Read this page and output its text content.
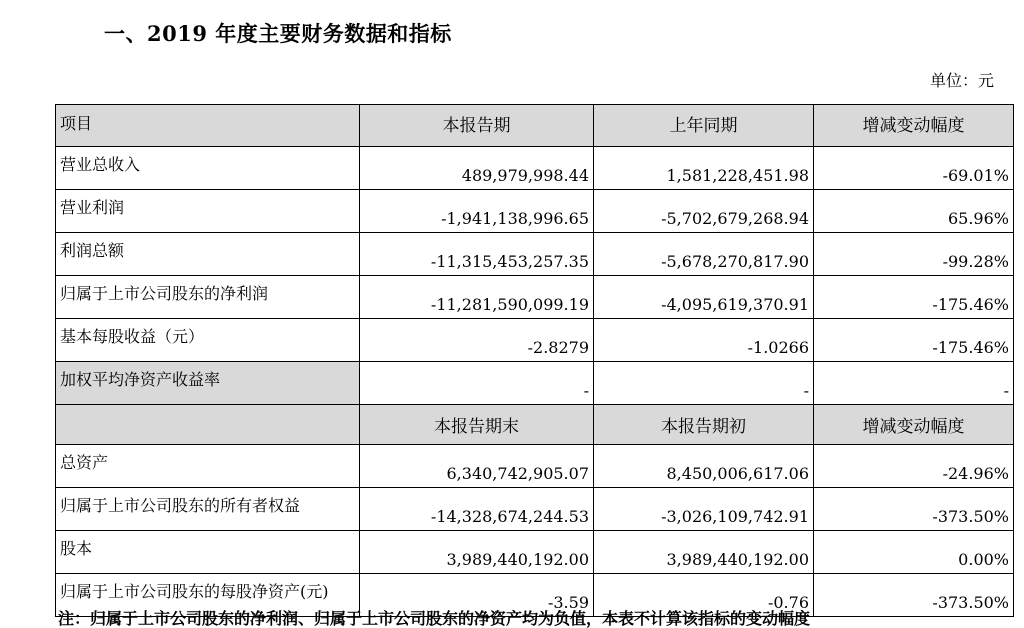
一、2019 年度主要财务数据和指标
单位：元
项目	本报告期	上年同期	增减变动幅度
营业总收入	489,979,998.44	1,581,228,451.98	-69.01%
营业利润	-1,941,138,996.65	-5,702,679,268.94	65.96%
利润总额	-11,315,453,257.35	-5,678,270,817.90	-99.28%
归属于上市公司股东的净利润	-11,281,590,099.19	-4,095,619,370.91	-175.46%
基本每股收益（元）	-2.8279	-1.0266	-175.46%
加权平均净资产收益率	-	-	-
	本报告期末	本报告期初	增减变动幅度
总资产	6,340,742,905.07	8,450,006,617.06	-24.96%
归属于上市公司股东的所有者权益	-14,328,674,244.53	-3,026,109,742.91	-373.50%
股本	3,989,440,192.00	3,989,440,192.00	0.00%
归属于上市公司股东的每股净资产(元)	-3.59	-0.76	-373.50%
注：归属于上市公司股东的净利润、归属于上市公司股东的净资产均为负值，本表不计算该指标的变动幅度
